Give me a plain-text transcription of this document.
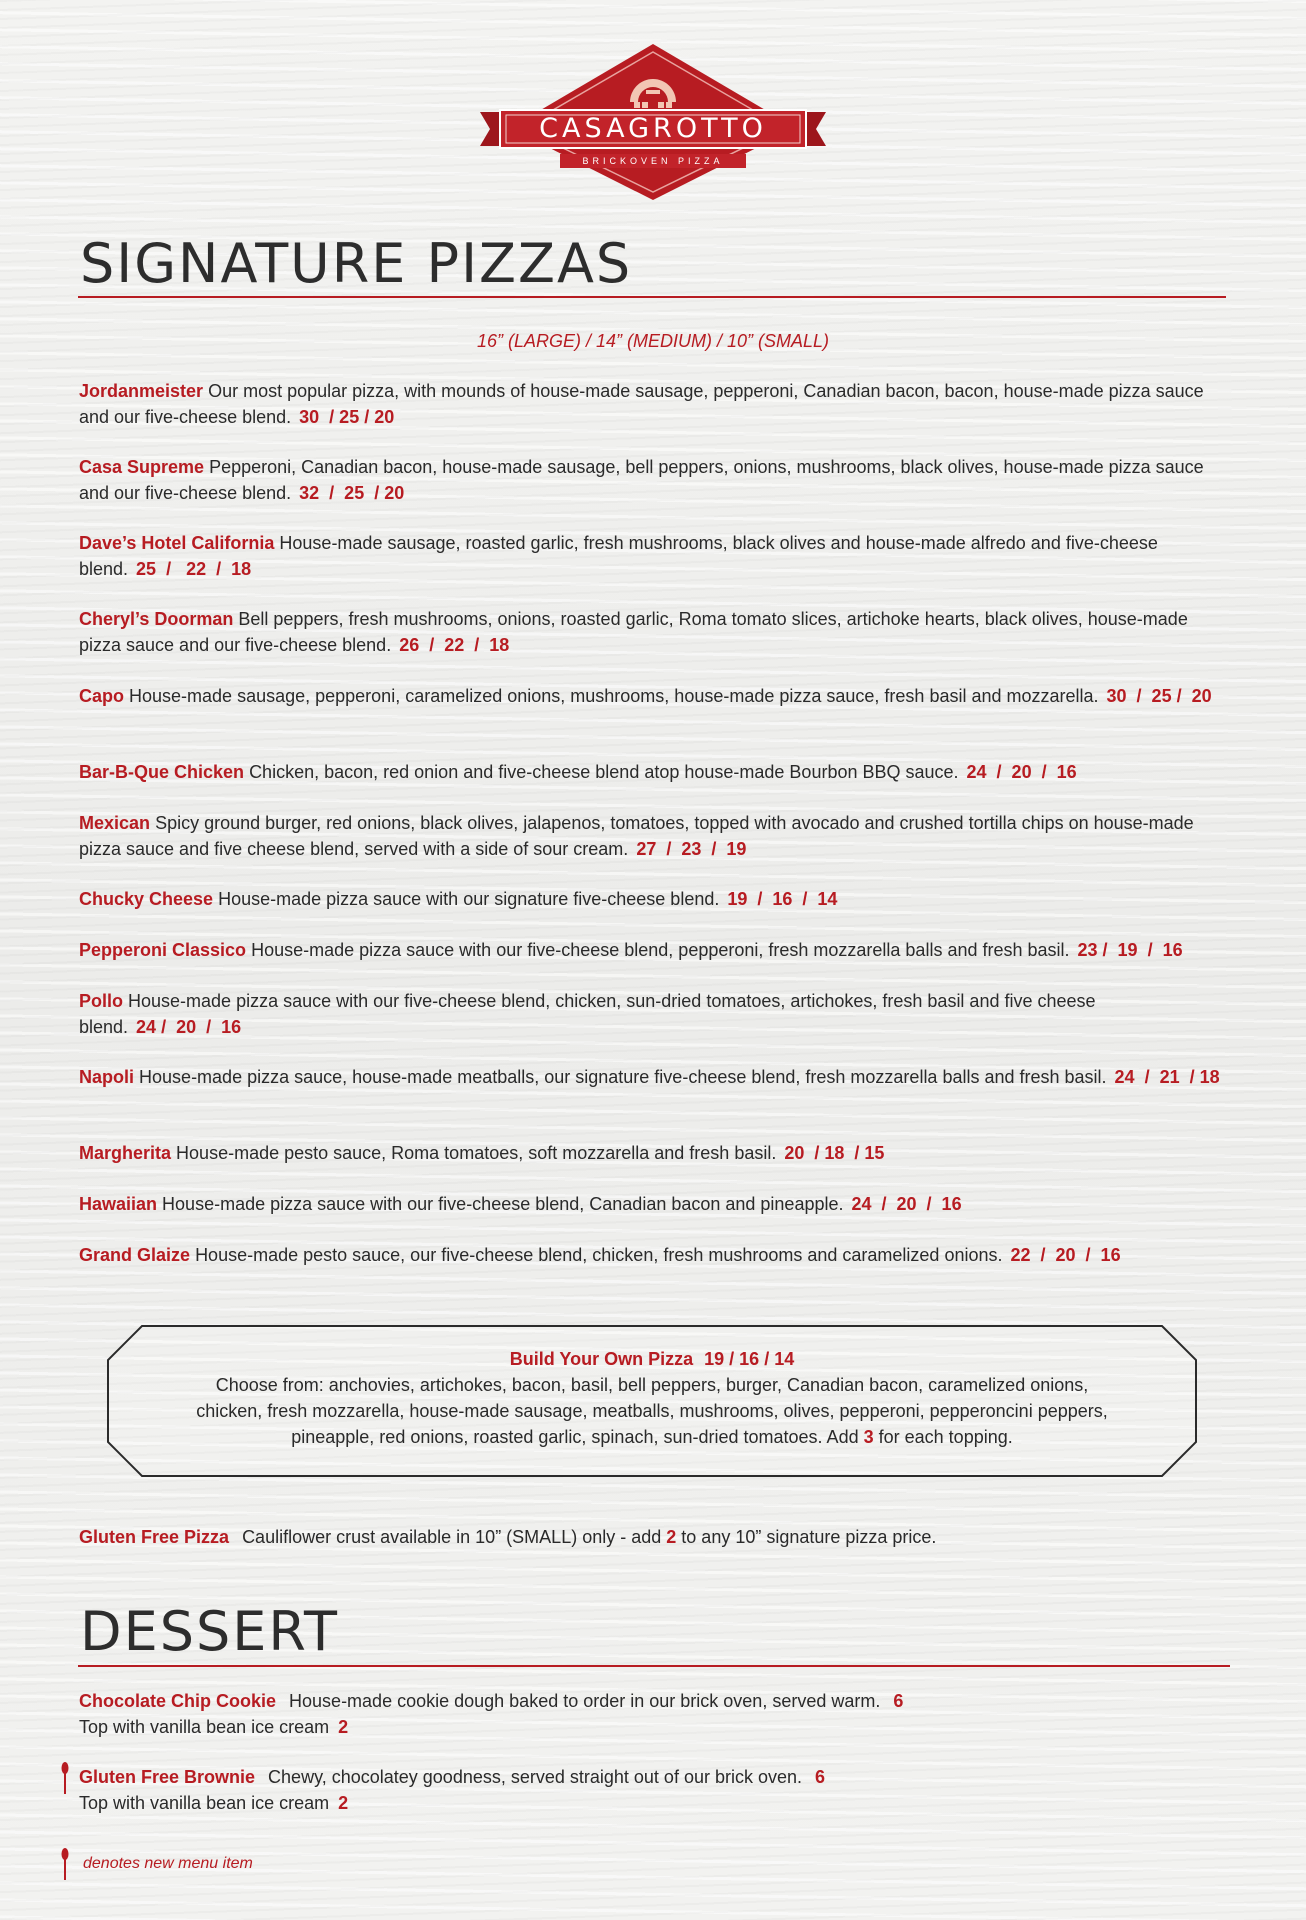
CASAGROTTO
BRICKOVEN PIZZA
SIGNATURE PIZZAS
16” (LARGE) / 14” (MEDIUM) / 10” (SMALL)
Jordanmeister Our most popular pizza, with mounds of house-made sausage, pepperoni, Canadian bacon, bacon, house-made pizza sauce and our five-cheese blend. 30  / 25 / 20
Casa Supreme Pepperoni, Canadian bacon, house-made sausage, bell peppers, onions, mushrooms, black olives, house-made pizza sauce and our five-cheese blend. 32  /  25  / 20
Dave’s Hotel California House-made sausage, roasted garlic, fresh mushrooms, black olives and house-made alfredo and five-cheese blend. 25  /   22  /  18
Cheryl’s Doorman Bell peppers, fresh mushrooms, onions, roasted garlic, Roma tomato slices, artichoke hearts, black olives, house-made pizza sauce and our five-cheese blend. 26  /  22  /  18
Capo House-made sausage, pepperoni, caramelized onions, mushrooms, house-made pizza sauce, fresh basil and mozzarella. 30  /  25 /  20
Bar-B-Que Chicken Chicken, bacon, red onion and five-cheese blend atop house-made Bourbon BBQ sauce. 24  /  20  /  16
Mexican Spicy ground burger, red onions, black olives, jalapenos, tomatoes, topped with avocado and crushed tortilla chips on house-made pizza sauce and five cheese blend, served with a side of sour cream. 27  /  23  /  19
Chucky Cheese House-made pizza sauce with our signature five-cheese blend. 19  /  16  /  14
Pepperoni Classico House-made pizza sauce with our five-cheese blend, pepperoni, fresh mozzarella balls and fresh basil. 23 /  19  /  16
Pollo House-made pizza sauce with our five-cheese blend, chicken, sun-dried tomatoes, artichokes, fresh basil and five cheese blend. 24 /  20  /  16
Napoli House-made pizza sauce, house-made meatballs, our signature five-cheese blend, fresh mozzarella balls and fresh basil. 24  /  21  / 18
Margherita House-made pesto sauce, Roma tomatoes, soft mozzarella and fresh basil. 20  / 18  / 15
Hawaiian House-made pizza sauce with our five-cheese blend, Canadian bacon and pineapple. 24  /  20  /  16
Grand Glaize House-made pesto sauce, our five-cheese blend, chicken, fresh mushrooms and caramelized onions. 22  /  20  /  16
Build Your Own Pizza 19 / 16 / 14
Choose from: anchovies, artichokes, bacon, basil, bell peppers, burger, Canadian bacon, caramelized onions, chicken, fresh mozzarella, house-made sausage, meatballs, mushrooms, olives, pepperoni, pepperoncini peppers, pineapple, red onions, roasted garlic, spinach, sun-dried tomatoes. Add 3 for each topping.
Gluten Free Pizza Cauliflower crust available in 10” (SMALL) only - add 2 to any 10” signature pizza price.
DESSERT
Chocolate Chip Cookie House-made cookie dough baked to order in our brick oven, served warm. 6
Top with vanilla bean ice cream 2
Gluten Free Brownie Chewy, chocolatey goodness, served straight out of our brick oven. 6
Top with vanilla bean ice cream 2
denotes new menu item
